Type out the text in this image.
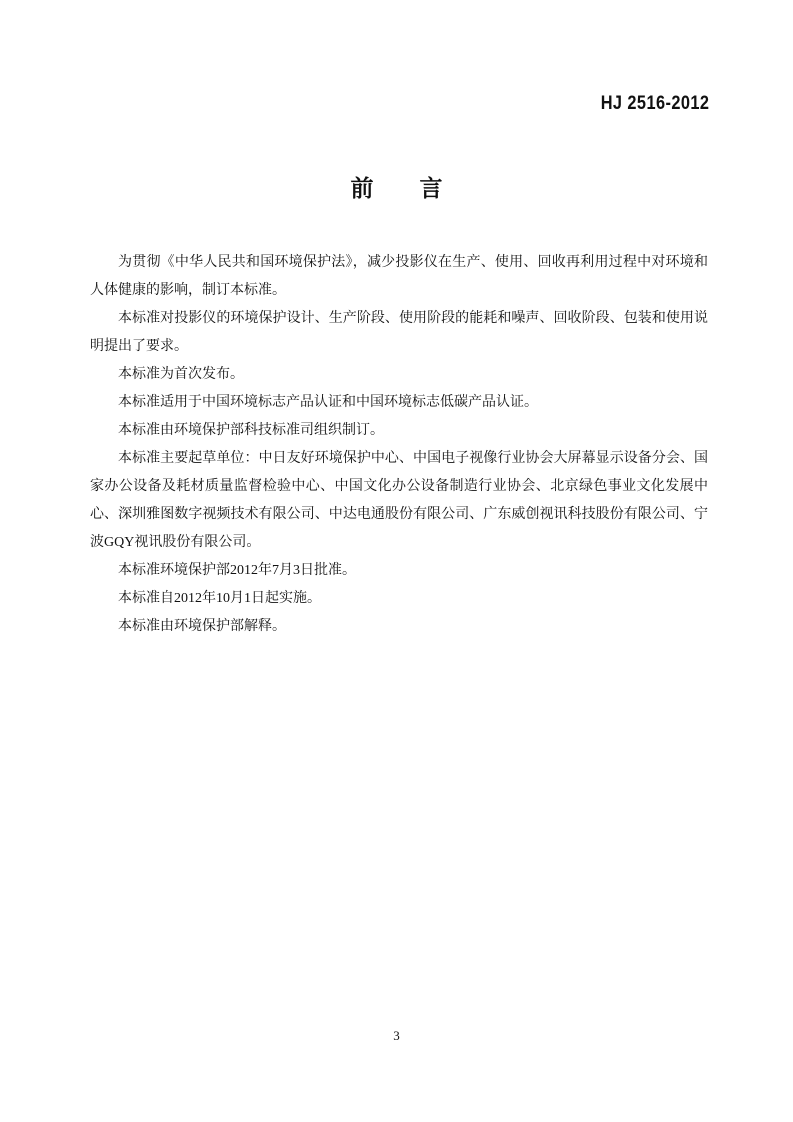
HJ 2516-2012
前　　言

为贯彻《中华人民共和国环境保护法》，减少投影仪在生产、使用、回收再利用过程中对环境和人体健康的影响，制订本标准。

本标准对投影仪的环境保护设计、生产阶段、使用阶段的能耗和噪声、回收阶段、包装和使用说明提出了要求。

本标准为首次发布。

本标准适用于中国环境标志产品认证和中国环境标志低碳产品认证。

本标准由环境保护部科技标准司组织制订。

本标准主要起草单位：中日友好环境保护中心、中国电子视像行业协会大屏幕显示设备分会、国家办公设备及耗材质量监督检验中心、中国文化办公设备制造行业协会、北京绿色事业文化发展中心、深圳雅图数字视频技术有限公司、中达电通股份有限公司、广东威创视讯科技股份有限公司、宁波GQY视讯股份有限公司。

本标准环境保护部2012年7月3日批准。

本标准自2012年10月1日起实施。

本标准由环境保护部解释。

3
